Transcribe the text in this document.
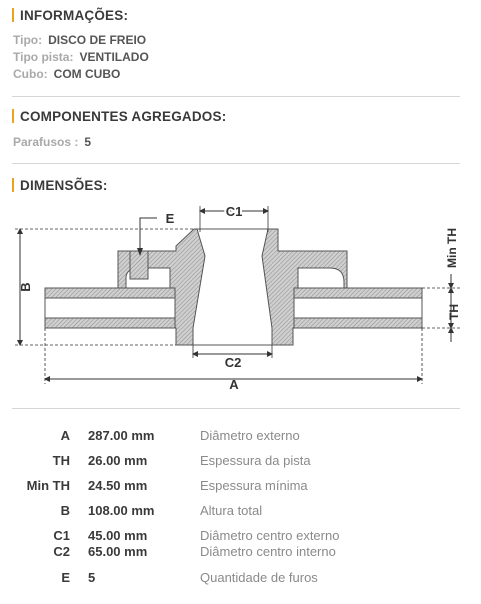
INFORMAÇÕES:
Tipo: DISCO DE FREIO
Tipo pista: VENTILADO
Cubo: COM CUBO
COMPONENTES AGREGADOS:
Parafusos : 5
DIMENSÕES:
A
B
C1
C2
E
Min TH
TH
A 287.00 mm	Diâmetro externo
TH 26.00 mm	Espessura da pista
Min TH 24.50 mm	Espessura mínima
B 108.00 mm	Altura total
C1 45.00 mm	Diâmetro centro externo
C2 65.00 mm	Diâmetro centro interno
E 5	Quantidade de furos
